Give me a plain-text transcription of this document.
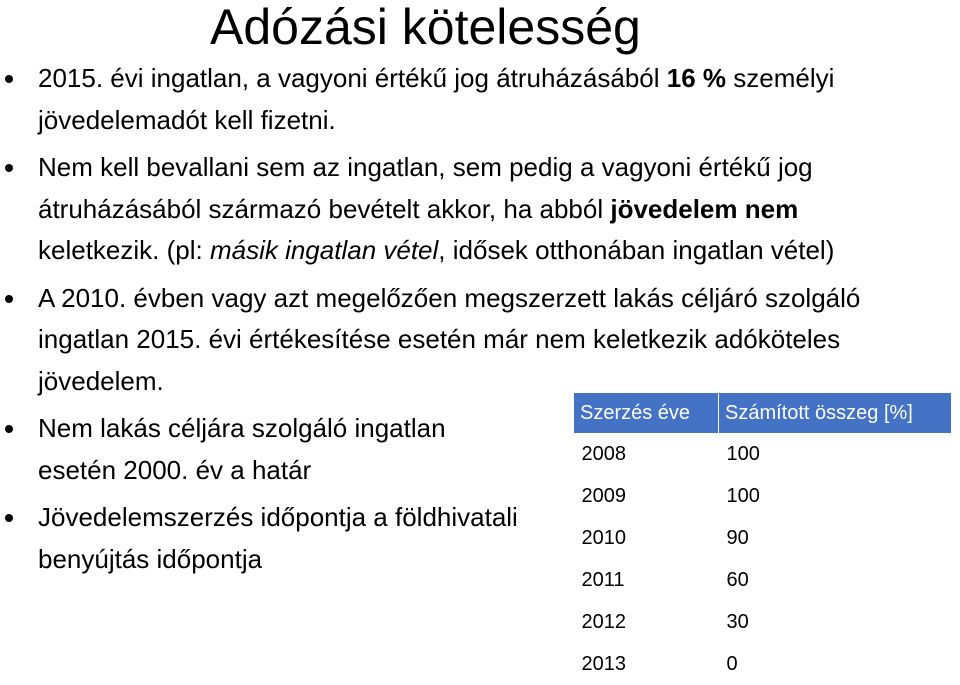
Adózási kötelesség
2015. évi ingatlan, a vagyoni értékű jog átruházásából 16 % személyi jövedelemadót kell fizetni.
Nem kell bevallani sem az ingatlan, sem pedig a vagyoni értékű jog átruházásából származó bevételt akkor, ha abból jövedelem nem keletkezik. (pl: másik ingatlan vétel, idősek otthonában ingatlan vétel)
A 2010. évben vagy azt megelőzően megszerzett lakás céljáró szolgáló ingatlan 2015. évi értékesítése esetén már nem keletkezik adóköteles jövedelem.
Nem lakás céljára szolgáló ingatlan esetén 2000. év a határ
Jövedelemszerzés időpontja a földhivatali benyújtás időpontja
Szerzés éve	Számított összeg [%]
2008	100
2009	100
2010	90
2011	60
2012	30
2013	0
